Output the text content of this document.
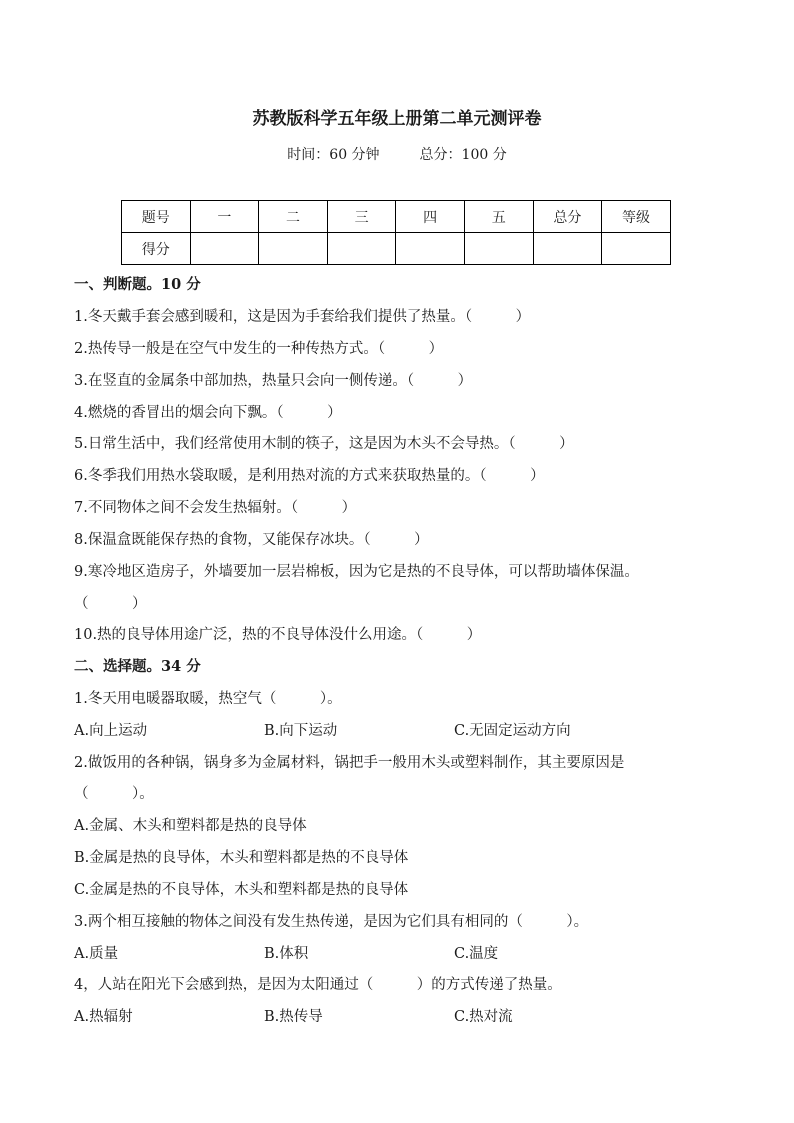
苏教版科学五年级上册第二单元测评卷
时间：60 分钟	总分：100 分
题号	一	二	三	四	五	总分	等级
得分							
一、判断题。10 分
1.冬天戴手套会感到暖和，这是因为手套给我们提供了热量。（　　　）
2.热传导一般是在空气中发生的一种传热方式。（　　　）
3.在竖直的金属条中部加热，热量只会向一侧传递。（　　　）
4.燃烧的香冒出的烟会向下飘。（　　　）
5.日常生活中，我们经常使用木制的筷子，这是因为木头不会导热。（　　　）
6.冬季我们用热水袋取暖，是利用热对流的方式来获取热量的。（　　　）
7.不同物体之间不会发生热辐射。（　　　）
8.保温盒既能保存热的食物，又能保存冰块。（　　　）
9.寒冷地区造房子，外墙要加一层岩棉板，因为它是热的不良导体，可以帮助墙体保温。
（　　　）
10.热的良导体用途广泛，热的不良导体没什么用途。（　　　）
二、选择题。34 分
1.冬天用电暖器取暖，热空气（　　　）。
A.向上运动	B.向下运动	C.无固定运动方向
2.做饭用的各种锅，锅身多为金属材料，锅把手一般用木头或塑料制作，其主要原因是
（　　　）。
A.金属、木头和塑料都是热的良导体
B.金属是热的良导体，木头和塑料都是热的不良导体
C.金属是热的不良导体，木头和塑料都是热的良导体
3.两个相互接触的物体之间没有发生热传递，是因为它们具有相同的（　　　）。
A.质量	B.体积	C.温度
4，人站在阳光下会感到热，是因为太阳通过（　　　）的方式传递了热量。
A.热辐射	B.热传导	C.热对流
